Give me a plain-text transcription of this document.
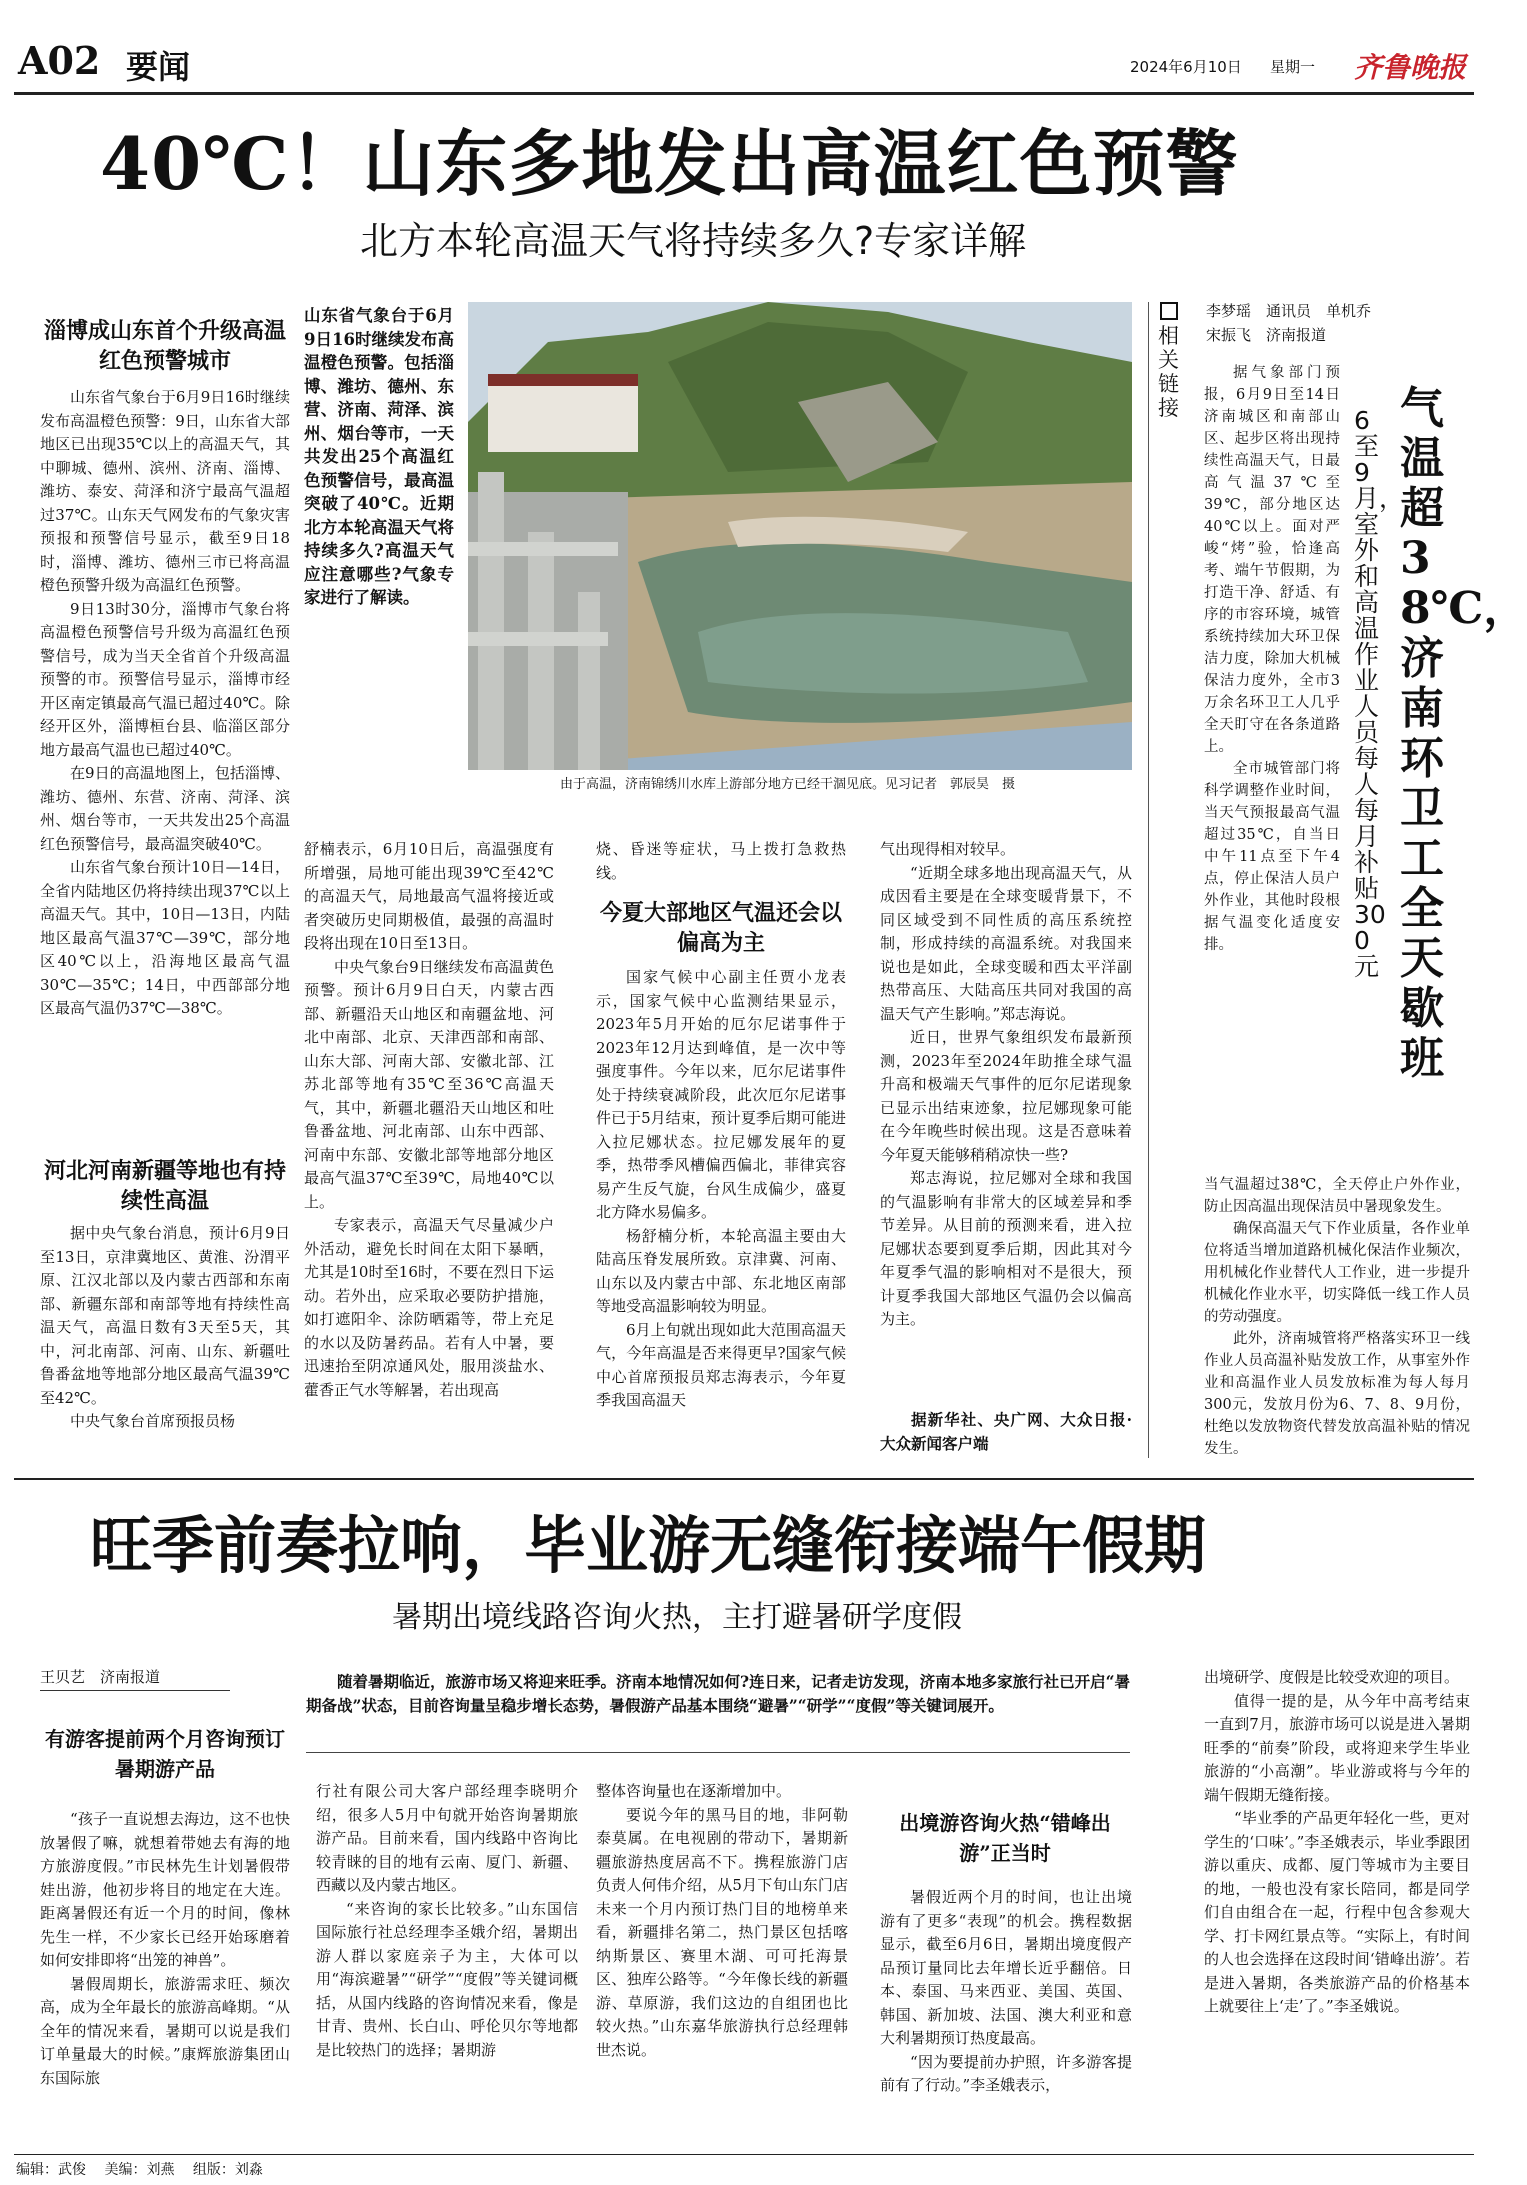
A02 要闻	2024年6月10日 星期一 齐鲁晚报
40℃！山东多地发出高温红色预警
北方本轮高温天气将持续多久?专家详解
由于高温，济南锦绣川水库上游部分地方已经干涸见底。见习记者　郭辰昊　摄
山东省气象台于6月9日16时继续发布高温橙色预警。包括淄博、潍坊、德州、东营、济南、菏泽、滨州、烟台等市，一天共发出25个高温红色预警信号，最高温突破了40℃。近期北方本轮高温天气将持续多久?高温天气应注意哪些?气象专家进行了解读。
淄博成山东首个升级高温红色预警城市

山东省气象台于6月9日16时继续发布高温橙色预警：9日，山东省大部地区已出现35℃以上的高温天气，其中聊城、德州、滨州、济南、淄博、潍坊、泰安、菏泽和济宁最高气温超过37℃。山东天气网发布的气象灾害预报和预警信号显示，截至9日18时，淄博、潍坊、德州三市已将高温橙色预警升级为高温红色预警。

9日13时30分，淄博市气象台将高温橙色预警信号升级为高温红色预警信号，成为当天全省首个升级高温预警的市。预警信号显示，淄博市经开区南定镇最高气温已超过40℃。除经开区外，淄博桓台县、临淄区部分地方最高气温也已超过40℃。

在9日的高温地图上，包括淄博、潍坊、德州、东营、济南、菏泽、滨州、烟台等市，一天共发出25个高温红色预警信号，最高温突破40℃。

山东省气象台预计10日—14日，全省内陆地区仍将持续出现37℃以上高温天气。其中，10日—13日，内陆地区最高气温37℃—39℃，部分地区40℃以上，沿海地区最高气温30℃—35℃；14日，中西部部分地区最高气温仍37℃—38℃。

河北河南新疆等地也有持续性高温

据中央气象台消息，预计6月9日至13日，京津冀地区、黄淮、汾渭平原、江汉北部以及内蒙古西部和东南部、新疆东部和南部等地有持续性高温天气，高温日数有3天至5天，其中，河北南部、河南、山东、新疆吐鲁番盆地等地部分地区最高气温39℃至42℃。

中央气象台首席预报员杨

舒楠表示，6月10日后，高温强度有所增强，局地可能出现39℃至42℃的高温天气，局地最高气温将接近或者突破历史同期极值，最强的高温时段将出现在10日至13日。

中央气象台9日继续发布高温黄色预警。预计6月9日白天，内蒙古西部、新疆沿天山地区和南疆盆地、河北中南部、北京、天津西部和南部、山东大部、河南大部、安徽北部、江苏北部等地有35℃至36℃高温天气，其中，新疆北疆沿天山地区和吐鲁番盆地、河北南部、山东中西部、河南中东部、安徽北部等地部分地区最高气温37℃至39℃，局地40℃以上。

专家表示，高温天气尽量减少户外活动，避免长时间在太阳下暴晒，尤其是10时至16时，不要在烈日下运动。若外出，应采取必要防护措施，如打遮阳伞、涂防晒霜等，带上充足的水以及防暑药品。若有人中暑，要迅速抬至阴凉通风处，服用淡盐水、藿香正气水等解暑，若出现高

烧、昏迷等症状，马上拨打急救热线。

今夏大部地区气温还会以偏高为主

国家气候中心副主任贾小龙表示，国家气候中心监测结果显示，2023年5月开始的厄尔尼诺事件于2023年12月达到峰值，是一次中等强度事件。今年以来，厄尔尼诺事件处于持续衰减阶段，此次厄尔尼诺事件已于5月结束，预计夏季后期可能进入拉尼娜状态。拉尼娜发展年的夏季，热带季风槽偏西偏北，菲律宾容易产生反气旋，台风生成偏少，盛夏北方降水易偏多。

杨舒楠分析，本轮高温主要由大陆高压脊发展所致。京津冀、河南、山东以及内蒙古中部、东北地区南部等地受高温影响较为明显。

6月上旬就出现如此大范围高温天气，今年高温是否来得更早?国家气候中心首席预报员郑志海表示，今年夏季我国高温天

气出现得相对较早。

“近期全球多地出现高温天气，从成因看主要是在全球变暖背景下，不同区域受到不同性质的高压系统控制，形成持续的高温系统。对我国来说也是如此，全球变暖和西太平洋副热带高压、大陆高压共同对我国的高温天气产生影响。”郑志海说。

近日，世界气象组织发布最新预测，2023年至2024年助推全球气温升高和极端天气事件的厄尔尼诺现象已显示出结束迹象，拉尼娜现象可能在今年晚些时候出现。这是否意味着今年夏天能够稍稍凉快一些?

郑志海说，拉尼娜对全球和我国的气温影响有非常大的区域差异和季节差异。从目前的预测来看，进入拉尼娜状态要到夏季后期，因此其对今年夏季气温的影响相对不是很大，预计夏季我国大部地区气温仍会以偏高为主。

据新华社、央广网、大众日报·大众新闻客户端
相关链接
李梦瑶　通讯员　单机乔
宋振飞　济南报道

据气象部门预报，6月9日至14日济南城区和南部山区、起步区将出现持续性高温天气，日最高气温37℃至39℃，部分地区达40℃以上。面对严峻“烤”验，恰逢高考、端午节假期，为打造干净、舒适、有序的市容环境，城管系统持续加大环卫保洁力度，除加大机械保洁力度外，全市3万余名环卫工人几乎全天盯守在各条道路上。

全市城管部门将科学调整作业时间，当天气预报最高气温超过35℃，自当日中午11点至下午4点，停止保洁人员户外作业，其他时段根据气温变化适度安排。

6至9月，室外和高温作业人员每人每月补贴300元
气温超38℃，济南环卫工全天歇班

当气温超过38℃，全天停止户外作业，防止因高温出现保洁员中暑现象发生。

确保高温天气下作业质量，各作业单位将适当增加道路机械化保洁作业频次，用机械化作业替代人工作业，进一步提升机械化作业水平，切实降低一线工作人员的劳动强度。

此外，济南城管将严格落实环卫一线作业人员高温补贴发放工作，从事室外作业和高温作业人员发放标准为每人每月300元，发放月份为6、7、8、9月份，杜绝以发放物资代替发放高温补贴的情况发生。

旺季前奏拉响，毕业游无缝衔接端午假期
暑期出境线路咨询火热，主打避暑研学度假
王贝艺　济南报道	随着暑期临近，旅游市场又将迎来旺季。济南本地情况如何?连日来，记者走访发现，济南本地多家旅行社已开启“暑期备战”状态，目前咨询量呈稳步增长态势，暑假游产品基本围绕“避暑”“研学”“度假”等关键词展开。
有游客提前两个月咨询预订暑期游产品

“孩子一直说想去海边，这不也快放暑假了嘛，就想着带她去有海的地方旅游度假。”市民林先生计划暑假带娃出游，他初步将目的地定在大连。距离暑假还有近一个月的时间，像林先生一样，不少家长已经开始琢磨着如何安排即将“出笼的神兽”。

暑假周期长，旅游需求旺、频次高，成为全年最长的旅游高峰期。“从全年的情况来看，暑期可以说是我们订单量最大的时候。”康辉旅游集团山东国际旅

行社有限公司大客户部经理李晓明介绍，很多人5月中旬就开始咨询暑期旅游产品。目前来看，国内线路中咨询比较青睐的目的地有云南、厦门、新疆、西藏以及内蒙古地区。

“来咨询的家长比较多。”山东国信国际旅行社总经理李圣娥介绍，暑期出游人群以家庭亲子为主，大体可以用“海滨避暑”“研学”“度假”等关键词概括，从国内线路的咨询情况来看，像是甘青、贵州、长白山、呼伦贝尔等地都是比较热门的选择；暑期游

整体咨询量也在逐渐增加中。

要说今年的黑马目的地，非阿勒泰莫属。在电视剧的带动下，暑期新疆旅游热度居高不下。携程旅游门店负责人何伟介绍，从5月下旬山东门店未来一个月内预订热门目的地榜单来看，新疆排名第二，热门景区包括喀纳斯景区、赛里木湖、可可托海景区、独库公路等。“今年像长线的新疆游、草原游，我们这边的自组团也比较火热。”山东嘉华旅游执行总经理韩世杰说。

出境游咨询火热“错峰出游”正当时

暑假近两个月的时间，也让出境游有了更多“表现”的机会。携程数据显示，截至6月6日，暑期出境度假产品预订量同比去年增长近乎翻倍。日本、泰国、马来西亚、美国、英国、韩国、新加坡、法国、澳大利亚和意大利暑期预订热度最高。

“因为要提前办护照，许多游客提前有了行动。”李圣娥表示，

出境研学、度假是比较受欢迎的项目。

值得一提的是，从今年中高考结束一直到7月，旅游市场可以说是进入暑期旺季的“前奏”阶段，或将迎来学生毕业旅游的“小高潮”。毕业游或将与今年的端午假期无缝衔接。

“毕业季的产品更年轻化一些，更对学生的‘口味’。”李圣娥表示，毕业季跟团游以重庆、成都、厦门等城市为主要目的地，一般也没有家长陪同，都是同学们自由组合在一起，行程中包含参观大学、打卡网红景点等。“实际上，有时间的人也会选择在这段时间‘错峰出游’。若是进入暑期，各类旅游产品的价格基本上就要往上‘走’了。”李圣娥说。

编辑：武俊 美编：刘燕 组版：刘淼
